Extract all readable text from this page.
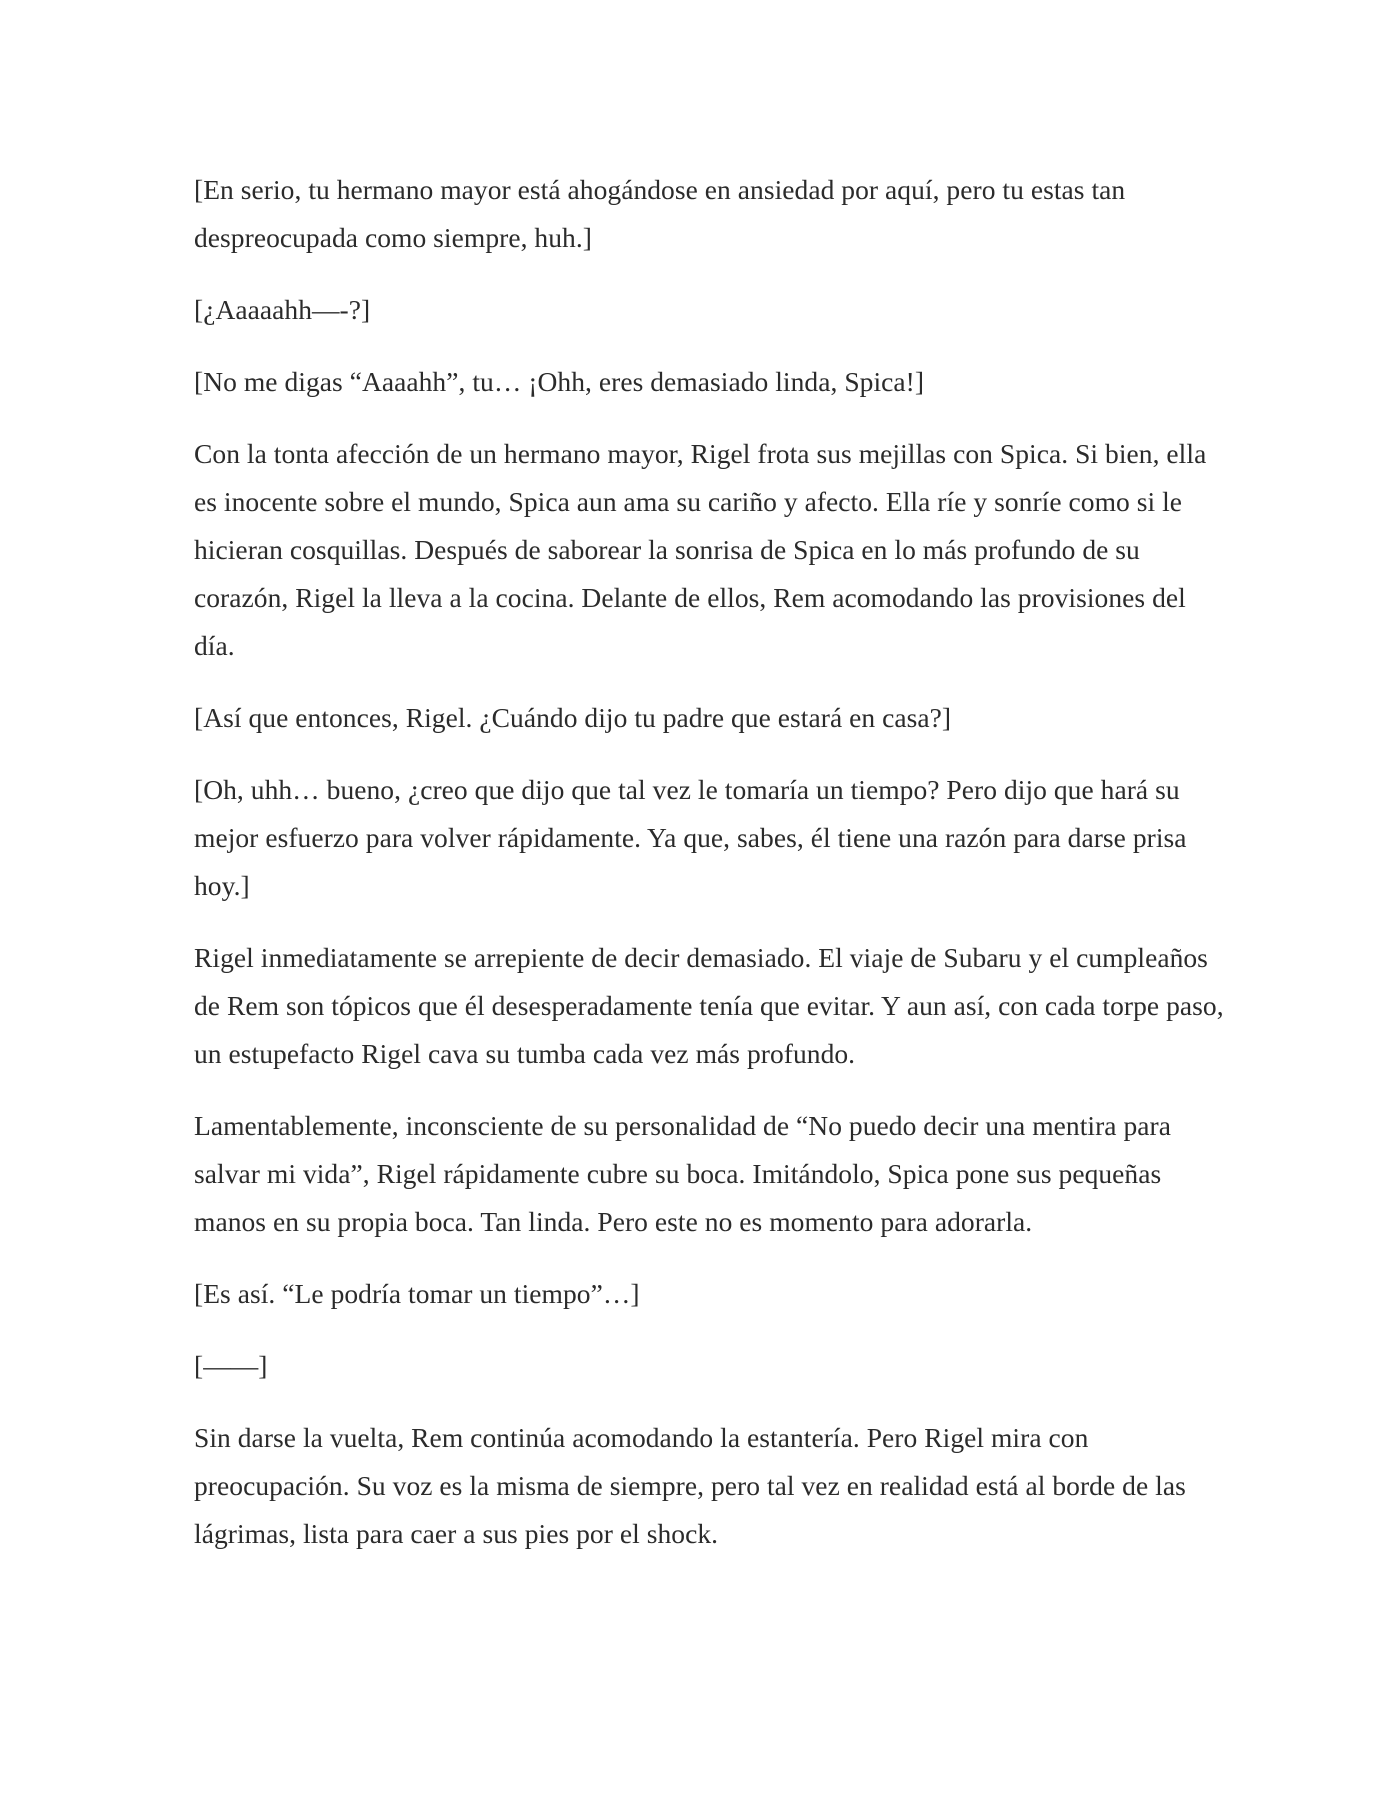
[En serio, tu hermano mayor está ahogándose en ansiedad por aquí, pero tu estas tan despreocupada como siempre, huh.]

[¿Aaaaahh—-?]

[No me digas “Aaaahh”, tu… ¡Ohh, eres demasiado linda, Spica!]

Con la tonta afección de un hermano mayor, Rigel frota sus mejillas con Spica. Si bien, ella es inocente sobre el mundo, Spica aun ama su cariño y afecto. Ella ríe y sonríe como si le hicieran cosquillas. Después de saborear la sonrisa de Spica en lo más profundo de su corazón, Rigel la lleva a la cocina. Delante de ellos, Rem acomodando las provisiones del día.

[Así que entonces, Rigel. ¿Cuándo dijo tu padre que estará en casa?]

[Oh, uhh… bueno, ¿creo que dijo que tal vez le tomaría un tiempo? Pero dijo que hará su mejor esfuerzo para volver rápidamente. Ya que, sabes, él tiene una razón para darse prisa hoy.]

Rigel inmediatamente se arrepiente de decir demasiado. El viaje de Subaru y el cumpleaños de Rem son tópicos que él desesperadamente tenía que evitar. Y aun así, con cada torpe paso, un estupefacto Rigel cava su tumba cada vez más profundo.

Lamentablemente, inconsciente de su personalidad de “No puedo decir una mentira para salvar mi vida”, Rigel rápidamente cubre su boca. Imitándolo, Spica pone sus pequeñas manos en su propia boca. Tan linda. Pero este no es momento para adorarla.

[Es así. “Le podría tomar un tiempo”…]

[——]

Sin darse la vuelta, Rem continúa acomodando la estantería. Pero Rigel mira con preocupación. Su voz es la misma de siempre, pero tal vez en realidad está al borde de las lágrimas, lista para caer a sus pies por el shock.
